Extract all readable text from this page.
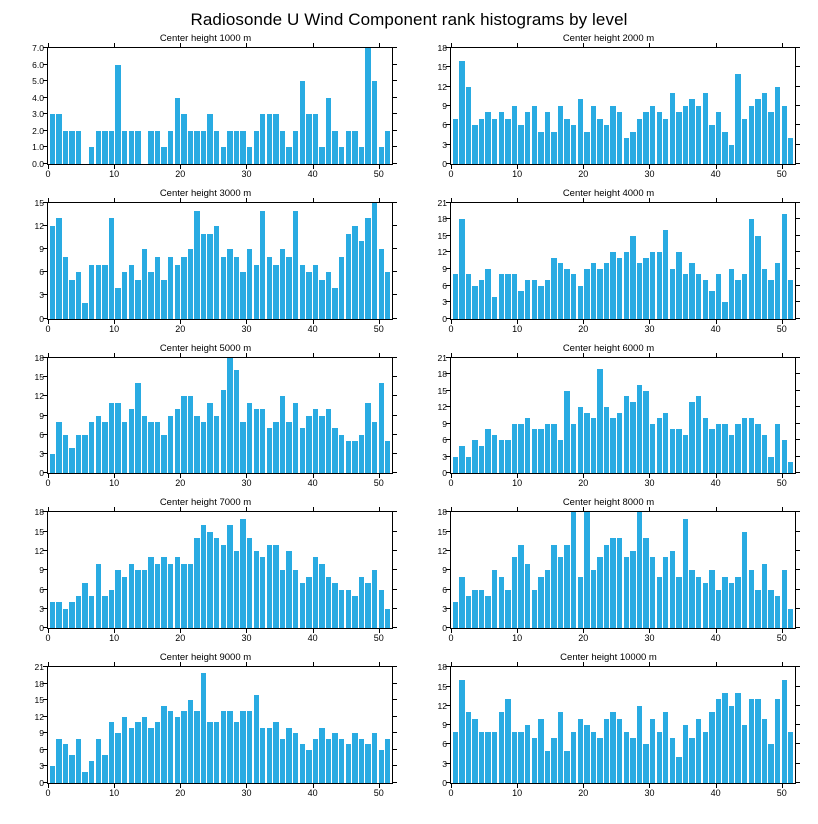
Radiosonde U Wind Component rank histograms by level
Center height 1000 m
0.0
1.0
2.0
3.0
4.0
5.0
6.0
7.0
0	10	20	30	40	50
Center height 2000 m
0
3
6
9
12
15
18
0	10	20	30	40	50
Center height 3000 m
0
3
6
9
12
15
0	10	20	30	40	50
Center height 4000 m
0
3
6
9
12
15
18
21
0	10	20	30	40	50
Center height 5000 m
0
3
6
9
12
15
18
0	10	20	30	40	50
Center height 6000 m
0
3
6
9
12
15
18
21
0	10	20	30	40	50
Center height 7000 m
0
3
6
9
12
15
18
0	10	20	30	40	50
Center height 8000 m
0
3
6
9
12
15
18
0	10	20	30	40	50
Center height 9000 m
0
3
6
9
12
15
18
21
0	10	20	30	40	50
Center height 10000 m
0
3
6
9
12
15
18
0	10	20	30	40	50
